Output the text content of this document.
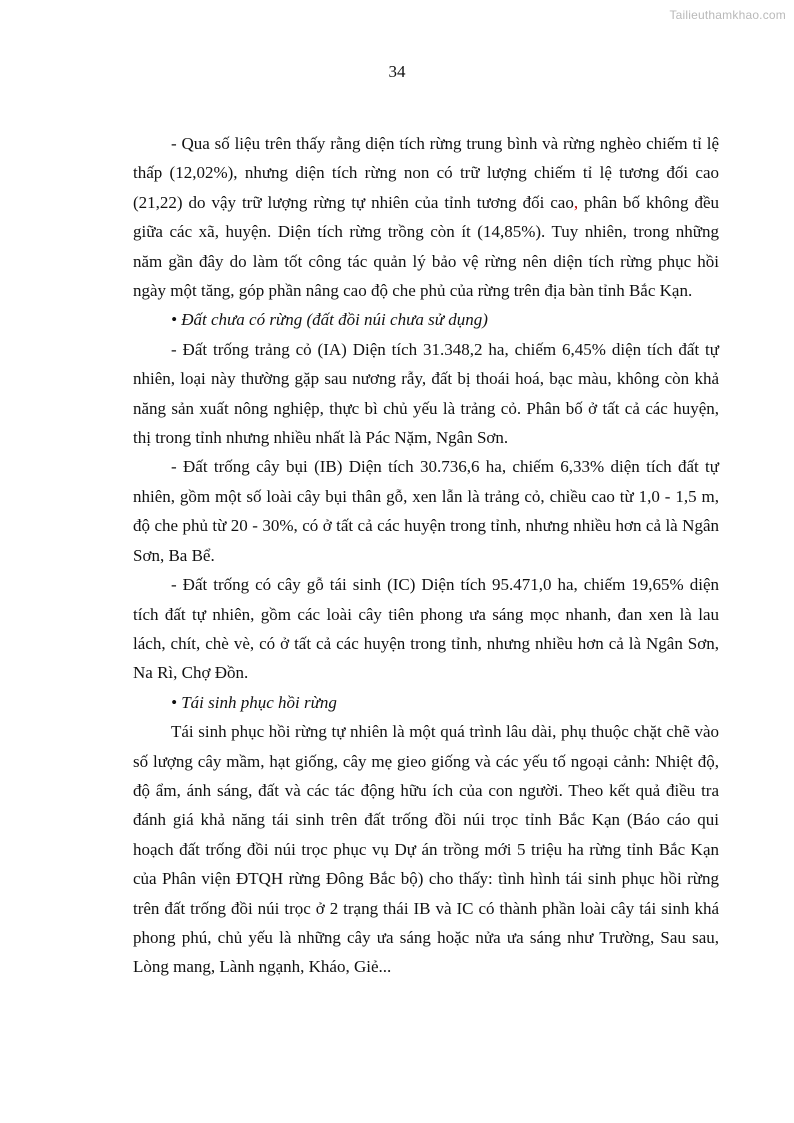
Tailieuthamkhao.com
34

- Qua số liệu trên thấy rằng diện tích rừng trung bình và rừng nghèo chiếm tỉ lệ thấp (12,02%), nhưng diện tích rừng non có trữ lượng chiếm tỉ lệ tương đối cao (21,22) do vậy trữ lượng rừng tự nhiên của tỉnh tương đối cao, phân bố không đều giữa các xã, huyện. Diện tích rừng trồng còn ít (14,85%). Tuy nhiên, trong những năm gần đây do làm tốt công tác quản lý bảo vệ rừng nên diện tích rừng phục hồi ngày một tăng, góp phần nâng cao độ che phủ của rừng trên địa bàn tỉnh Bắc Kạn.

• Đất chưa có rừng (đất đồi núi chưa sử dụng)

- Đất trống trảng cỏ (IA) Diện tích 31.348,2 ha, chiếm 6,45% diện tích đất tự nhiên, loại này thường gặp sau nương rẫy, đất bị thoái hoá, bạc màu, không còn khả năng sản xuất nông nghiệp, thực bì chủ yếu là trảng cỏ. Phân bố ở tất cả các huyện, thị trong tỉnh nhưng nhiều nhất là Pác Nặm, Ngân Sơn.

- Đất trống cây bụi (IB) Diện tích 30.736,6 ha, chiếm 6,33% diện tích đất tự nhiên, gồm một số loài cây bụi thân gỗ, xen lẫn là trảng cỏ, chiều cao từ 1,0 - 1,5 m, độ che phủ từ 20 - 30%, có ở tất cả các huyện trong tỉnh, nhưng nhiều hơn cả là Ngân Sơn, Ba Bể.

- Đất trống có cây gỗ tái sinh (IC) Diện tích 95.471,0 ha, chiếm 19,65% diện tích đất tự nhiên, gồm các loài cây tiên phong ưa sáng mọc nhanh, đan xen là lau lách, chít, chè vè, có ở tất cả các huyện trong tỉnh, nhưng nhiều hơn cả là Ngân Sơn, Na Rì, Chợ Đồn.

• Tái sinh phục hồi rừng

Tái sinh phục hồi rừng tự nhiên là một quá trình lâu dài, phụ thuộc chặt chẽ vào số lượng cây mầm, hạt giống, cây mẹ gieo giống và các yếu tố ngoại cảnh: Nhiệt độ, độ ẩm, ánh sáng, đất và các tác động hữu ích của con người. Theo kết quả điều tra đánh giá khả năng tái sinh trên đất trống đồi núi trọc tỉnh Bắc Kạn (Báo cáo qui hoạch đất trống đồi núi trọc phục vụ Dự án trồng mới 5 triệu ha rừng tỉnh Bắc Kạn của Phân viện ĐTQH rừng Đông Bắc bộ) cho thấy: tình hình tái sinh phục hồi rừng trên đất trống đồi núi trọc ở 2 trạng thái IB và IC có thành phần loài cây tái sinh khá phong phú, chủ yếu là những cây ưa sáng hoặc nửa ưa sáng như Trường, Sau sau, Lòng mang, Lành ngạnh, Kháo, Giẻ...
